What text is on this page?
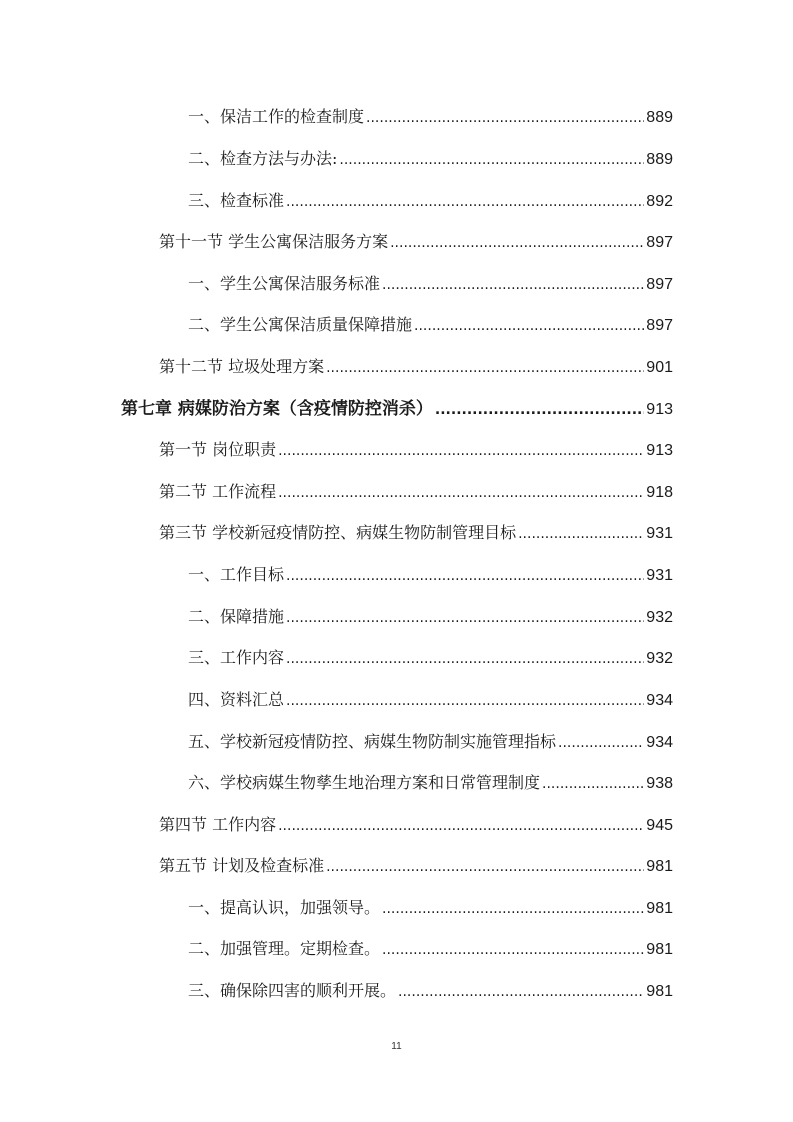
一、保洁工作的检查制度 .....	889
二、检查方法与办法: .....	889
三、检查标准 .....	892
第十一节 学生公寓保洁服务方案 .....	897
一、学生公寓保洁服务标准 .....	897
二、学生公寓保洁质量保障措施 .....	897
第十二节 垃圾处理方案 .....	901
第七章 病媒防治方案（含疫情防控消杀） .....	913
第一节 岗位职责 .....	913
第二节 工作流程 .....	918
第三节 学校新冠疫情防控、病媒生物防制管理目标 .....	931
一、工作目标 .....	931
二、保障措施 .....	932
三、工作内容 .....	932
四、资料汇总 .....	934
五、学校新冠疫情防控、病媒生物防制实施管理指标 .....	934
六、学校病媒生物孳生地治理方案和日常管理制度 .....	938
第四节 工作内容 .....	945
第五节 计划及检查标准 .....	981
一、提高认识，加强领导。 .....	981
二、加强管理。定期检查。 .....	981
三、确保除四害的顺利开展。 .....	981
11
